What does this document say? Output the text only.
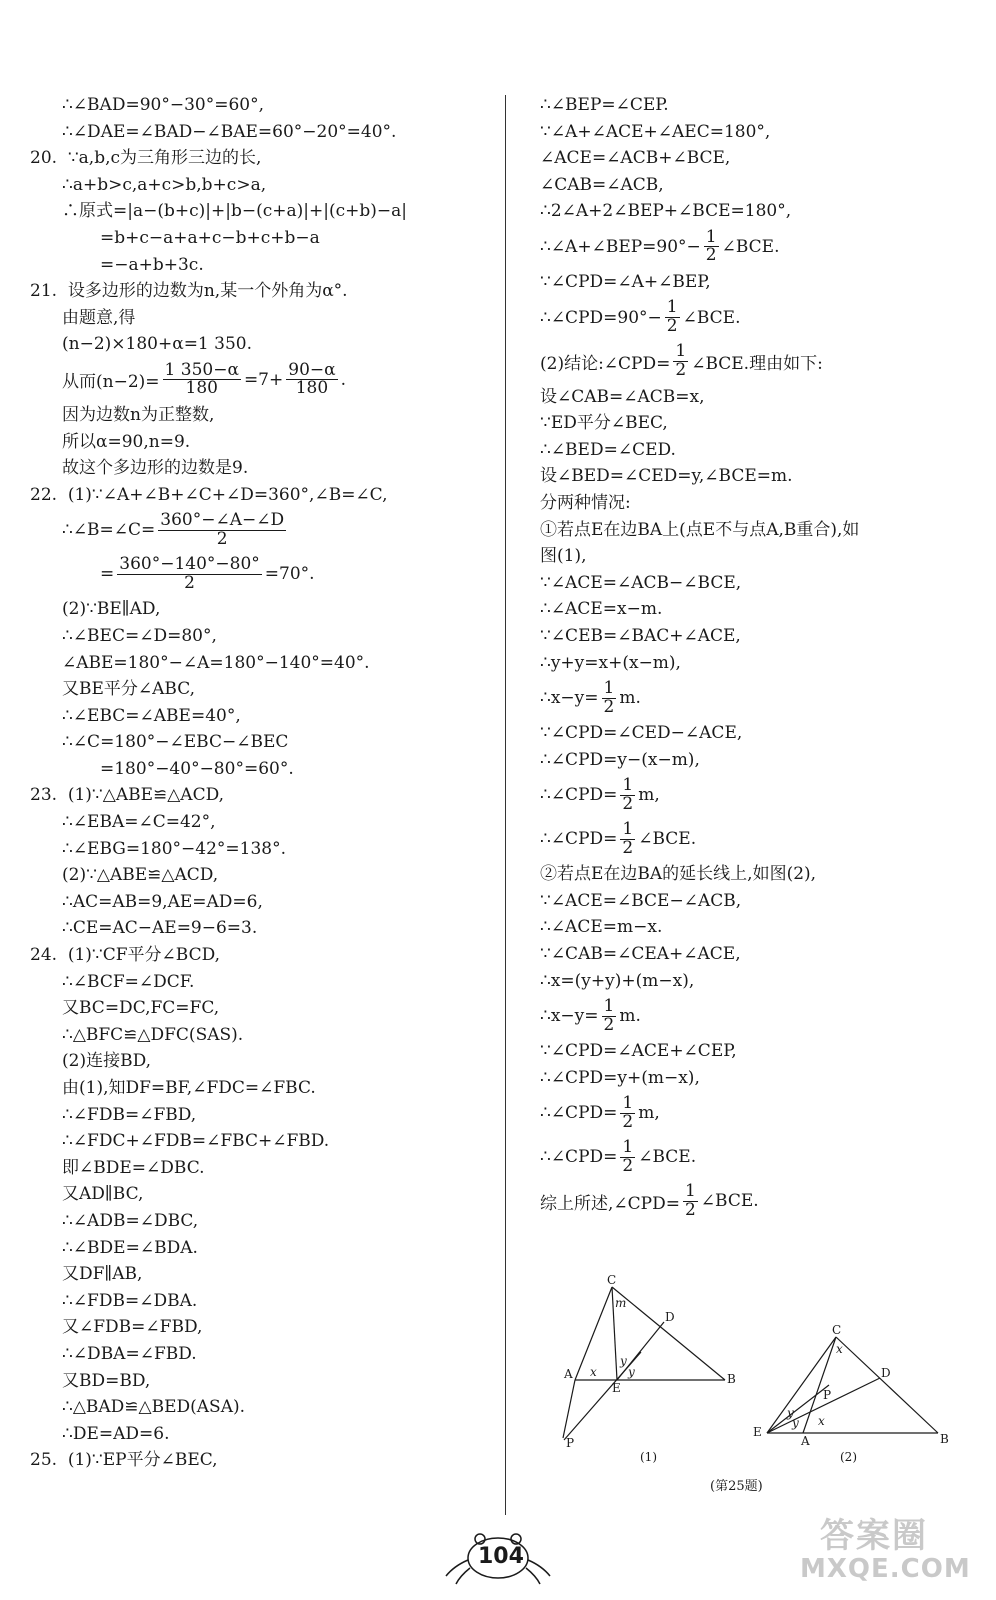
∴∠BAD=90°−30°=60°,
∴∠DAE=∠BAD−∠BAE=60°−20°=40°.
20.  ∵a,b,c为三角形三边的长,
∴a+b>c,a+c>b,b+c>a,
∴原式=|a−(b+c)|+|b−(c+a)|+|(c+b)−a|
=b+c−a+a+c−b+c+b−a
=−a+b+3c.
21.  设多边形的边数为n,某一个外角为α°.
由题意,得
(n−2)×180+α=1 350.
从而$(n-2)= \frac{1 350-\alpha}{180} =7+ \frac{90-\alpha}{180}$ .
因为边数n为正整数,
所以α=90,n=9.
故这个多边形的边数是9.
22.  (1)∵∠A+∠B+∠C+∠D=360°,∠B=∠C,
∴∠B=∠C= $\frac{360^\circ-\angle A-\angle D}{2}$
= $\frac{360^\circ-140^\circ-80^\circ}{2} =70^\circ$.
(2)∵BE∥AD,
∴∠BEC=∠D=80°,
∠ABE=180°−∠A=180°−140°=40°.
又BE平分∠ABC,
∴∠EBC=∠ABE=40°,
∴∠C=180°−∠EBC−∠BEC
=180°−40°−80°=60°.
23.  (1)∵△ABE≌△ACD,
∴∠EBA=∠C=42°,
∴∠EBG=180°−42°=138°.
(2)∵△ABE≌△ACD,
∴AC=AB=9,AE=AD=6,
∴CE=AC−AE=9−6=3.
24.  (1)∵CF平分∠BCD,
∴∠BCF=∠DCF.
又BC=DC,FC=FC,
∴△BFC≌△DFC(SAS).
(2)连接BD,
由(1),知DF=BF,∠FDC=∠FBC.
∴∠FDB=∠FBD,
∴∠FDC+∠FDB=∠FBC+∠FBD.
即∠BDE=∠DBC.
又AD∥BC,
∴∠ADB=∠DBC,
∴∠BDE=∠BDA.
又DF∥AB,
∴∠FDB=∠DBA.
又∠FDB=∠FBD,
∴∠DBA=∠FBD.
又BD=BD,
∴△BAD≌△BED(ASA).
∴DE=AD=6.
25.  (1)∵EP平分∠BEC,
∴∠BEP=∠CEP.
∵∠A+∠ACE+∠AEC=180°,
∠ACE=∠ACB+∠BCE,
∠CAB=∠ACB,
∴2∠A+2∠BEP+∠BCE=180°,
∴∠A+∠BEP=90°− $\frac{1}{2}$ ∠BCE.
∵∠CPD=∠A+∠BEP,
∴∠CPD=90°− $\frac{1}{2}$ ∠BCE.
(2)结论:∠CPD= $\frac{1}{2}$ ∠BCE.理由如下:
设∠CAB=∠ACB=x,
∵ED平分∠BEC,
∴∠BED=∠CED.
设∠BED=∠CED=y,∠BCE=m.
分两种情况:
①若点E在边BA上(点E不与点A,B重合),如
图(1),
∵∠ACE=∠ACB−∠BCE,
∴∠ACE=x−m.
∵∠CEB=∠BAC+∠ACE,
∴y+y=x+(x−m),
∴x−y= $\frac{1}{2} m$.
∵∠CPD=∠CED−∠ACE,
∴∠CPD=y−(x−m),
∴∠CPD= $\frac{1}{2} m$,
∴∠CPD= $\frac{1}{2}$ ∠BCE.
②若点E在边BA的延长线上,如图(2),
∵∠ACE=∠BCE−∠ACB,
∴∠ACE=m−x.
∵∠CAB=∠CEA+∠ACE,
∴x=(y+y)+(m−x),
∴x−y= $\frac{1}{2} m$.
∵∠CPD=∠ACE+∠CEP,
∴∠CPD=y+(m−x),
∴∠CPD= $\frac{1}{2} m$,
∴∠CPD= $\frac{1}{2}$ ∠BCE.
综上所述,∠CPD= $\frac{1}{2}$ ∠BCE.
C
m
D
A x
y
y
E
B
P
(1)
C
x
D
P
y
y x
E
A	B
(2)
(第25题)
104
答案圈
MXQE.COM
